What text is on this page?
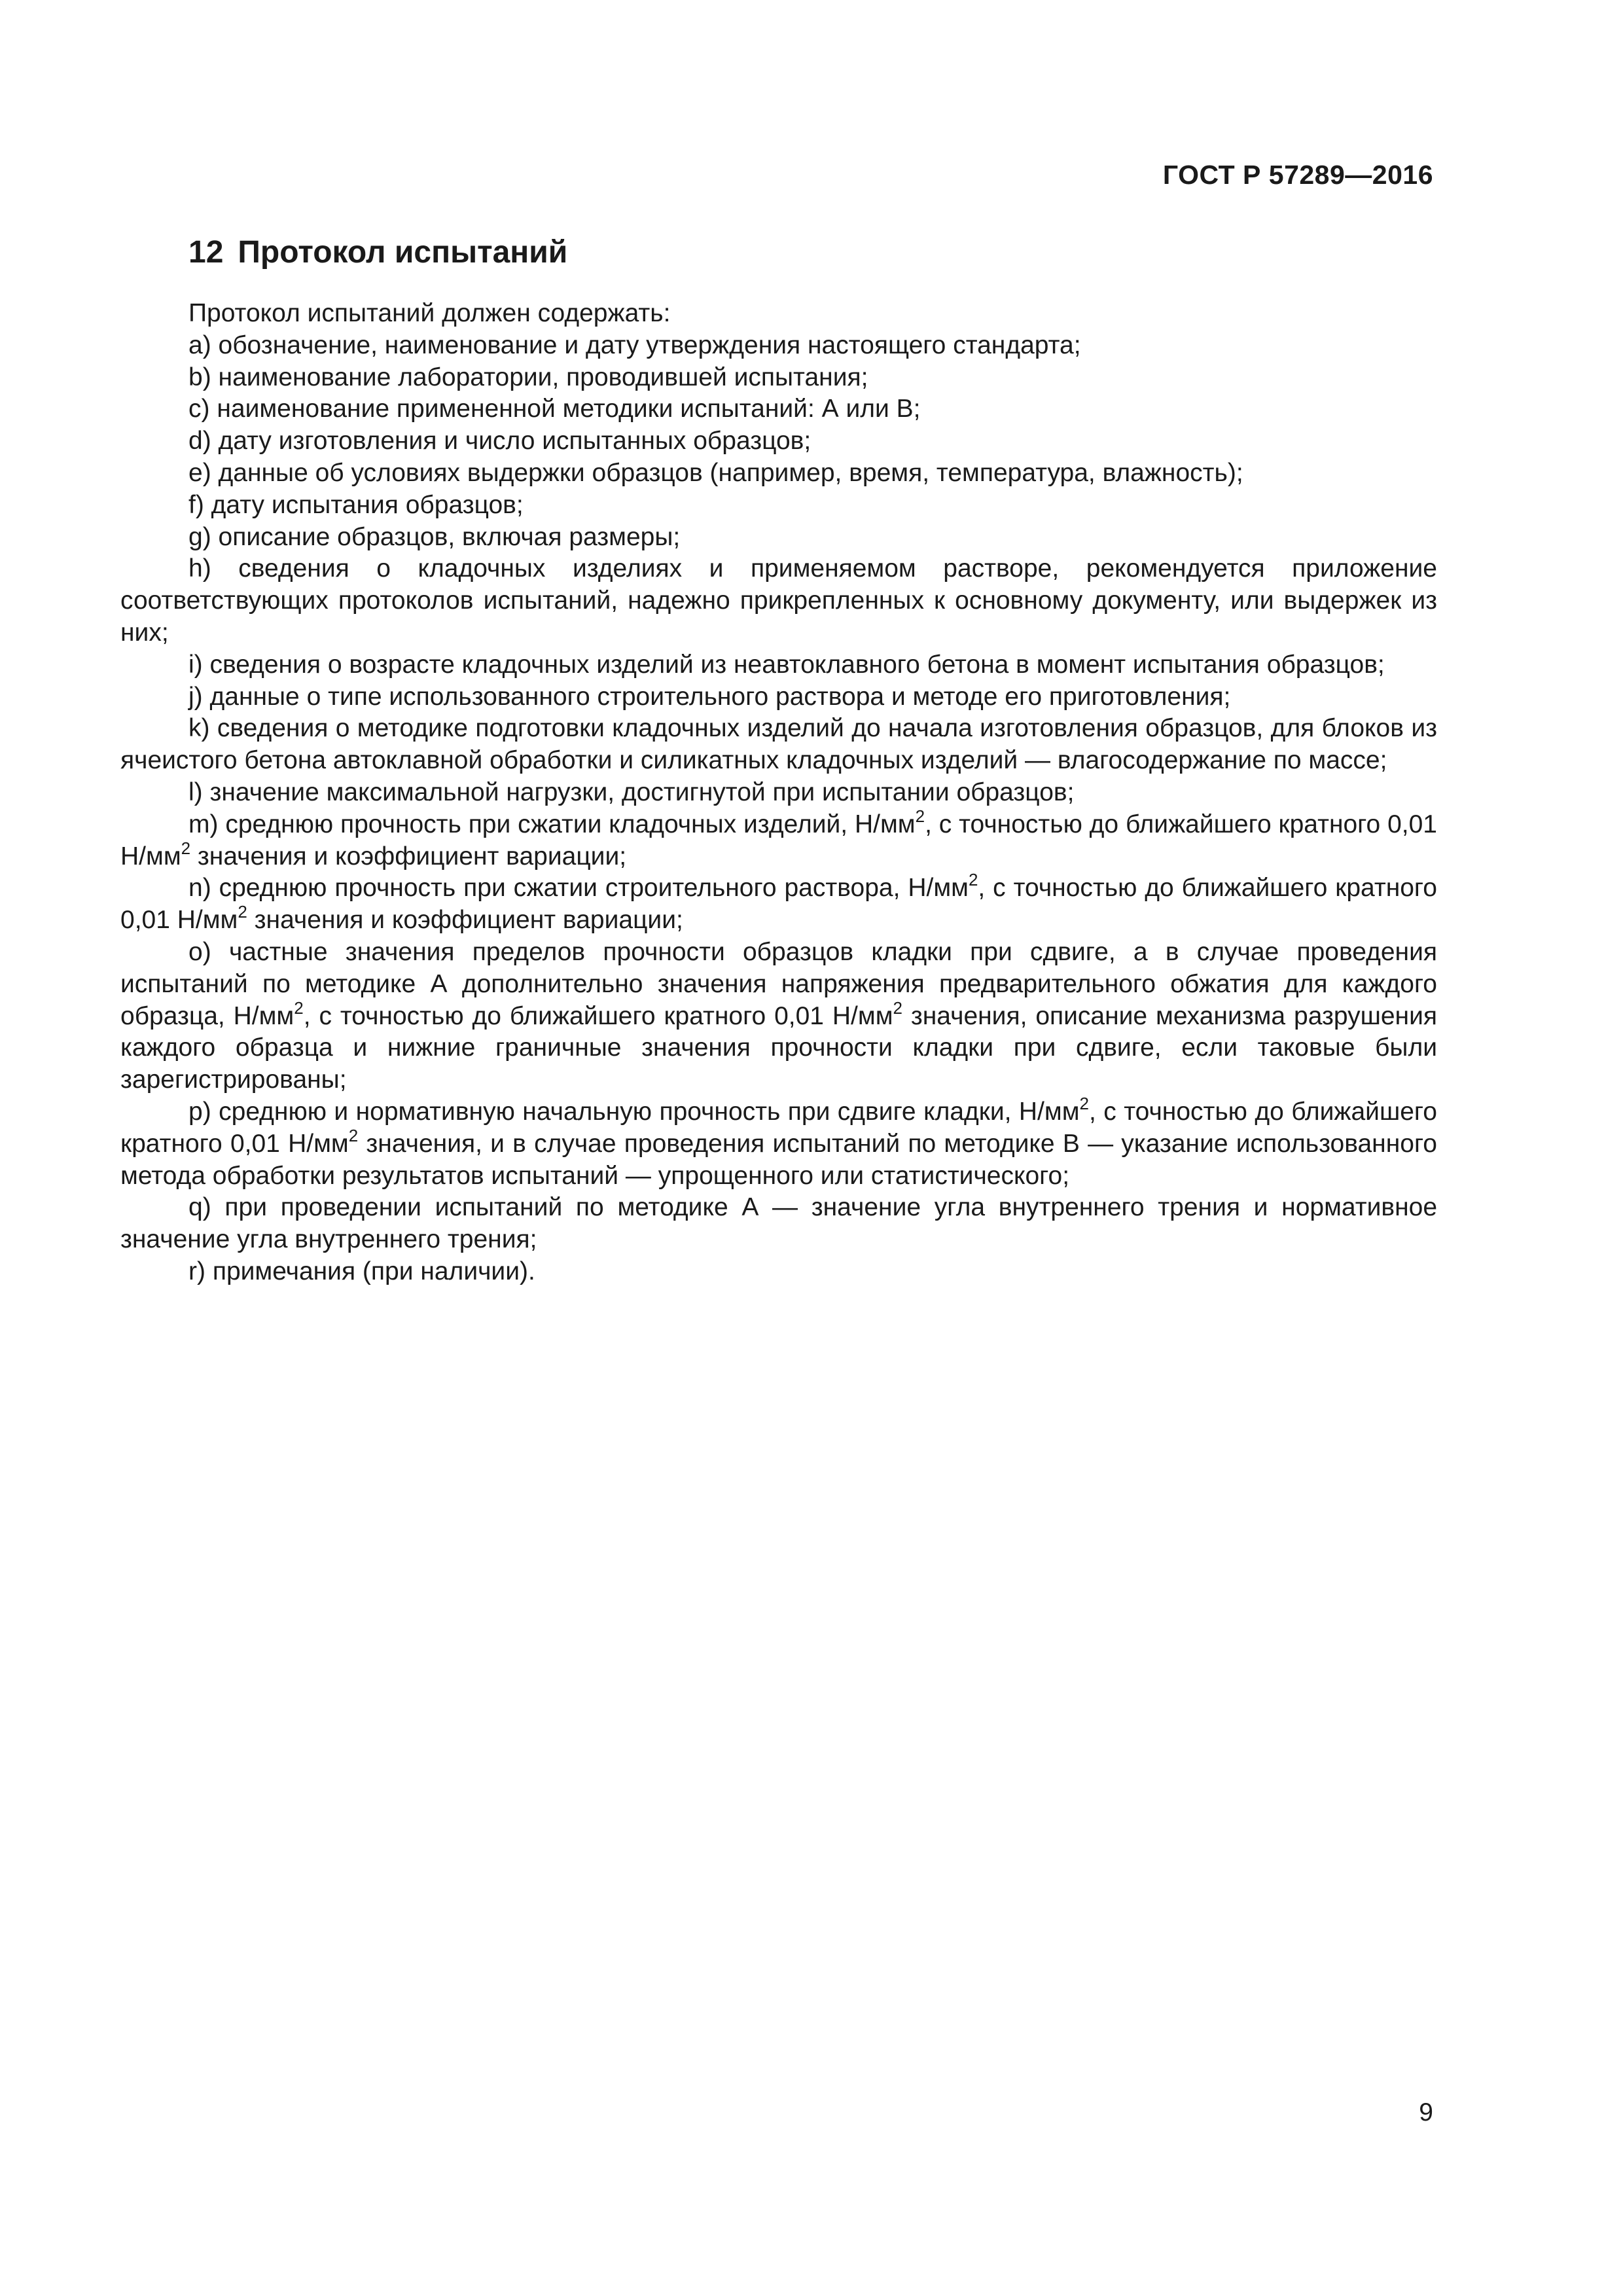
ГОСТ Р 57289—2016
12 Протокол испытаний

Протокол испытаний должен содержать:

a) обозначение, наименование и дату утверждения настоящего стандарта;

b) наименование лаборатории, проводившей испытания;

c) наименование примененной методики испытаний: А или В;

d) дату изготовления и число испытанных образцов;

e) данные об условиях выдержки образцов (например, время, температура, влажность);

f) дату испытания образцов;

g) описание образцов, включая размеры;

h) сведения о кладочных изделиях и применяемом растворе, рекомендуется приложение соответствующих протоколов испытаний, надежно прикрепленных к основному документу, или выдержек из них;

i) сведения о возрасте кладочных изделий из неавтоклавного бетона в момент испытания образцов;

j) данные о типе использованного строительного раствора и методе его приготовления;

k) сведения о методике подготовки кладочных изделий до начала изготовления образцов, для блоков из ячеистого бетона автоклавной обработки и силикатных кладочных изделий — влагосодержание по массе;

l) значение максимальной нагрузки, достигнутой при испытании образцов;

m) среднюю прочность при сжатии кладочных изделий, $Н/мм^2$, с точностью до ближайшего кратного 0,01 $Н/мм^2$ значения и коэффициент вариации;

n) среднюю прочность при сжатии строительного раствора, $Н/мм^2$, с точностью до ближайшего кратного 0,01 $Н/мм^2$ значения и коэффициент вариации;

o) частные значения пределов прочности образцов кладки при сдвиге, а в случае проведения испытаний по методике А дополнительно значения напряжения предварительного обжатия для каждого образца, $Н/мм^2$, с точностью до ближайшего кратного 0,01 $Н/мм^2$ значения, описание механизма разрушения каждого образца и нижние граничные значения прочности кладки при сдвиге, если таковые были зарегистрированы;

p) среднюю и нормативную начальную прочность при сдвиге кладки, $Н/мм^2$, с точностью до ближайшего кратного 0,01 $Н/мм^2$ значения, и в случае проведения испытаний по методике В — указание использованного метода обработки результатов испытаний — упрощенного или статистического;

q) при проведении испытаний по методике А — значение угла внутреннего трения и нормативное значение угла внутреннего трения;

r) примечания (при наличии).

9
